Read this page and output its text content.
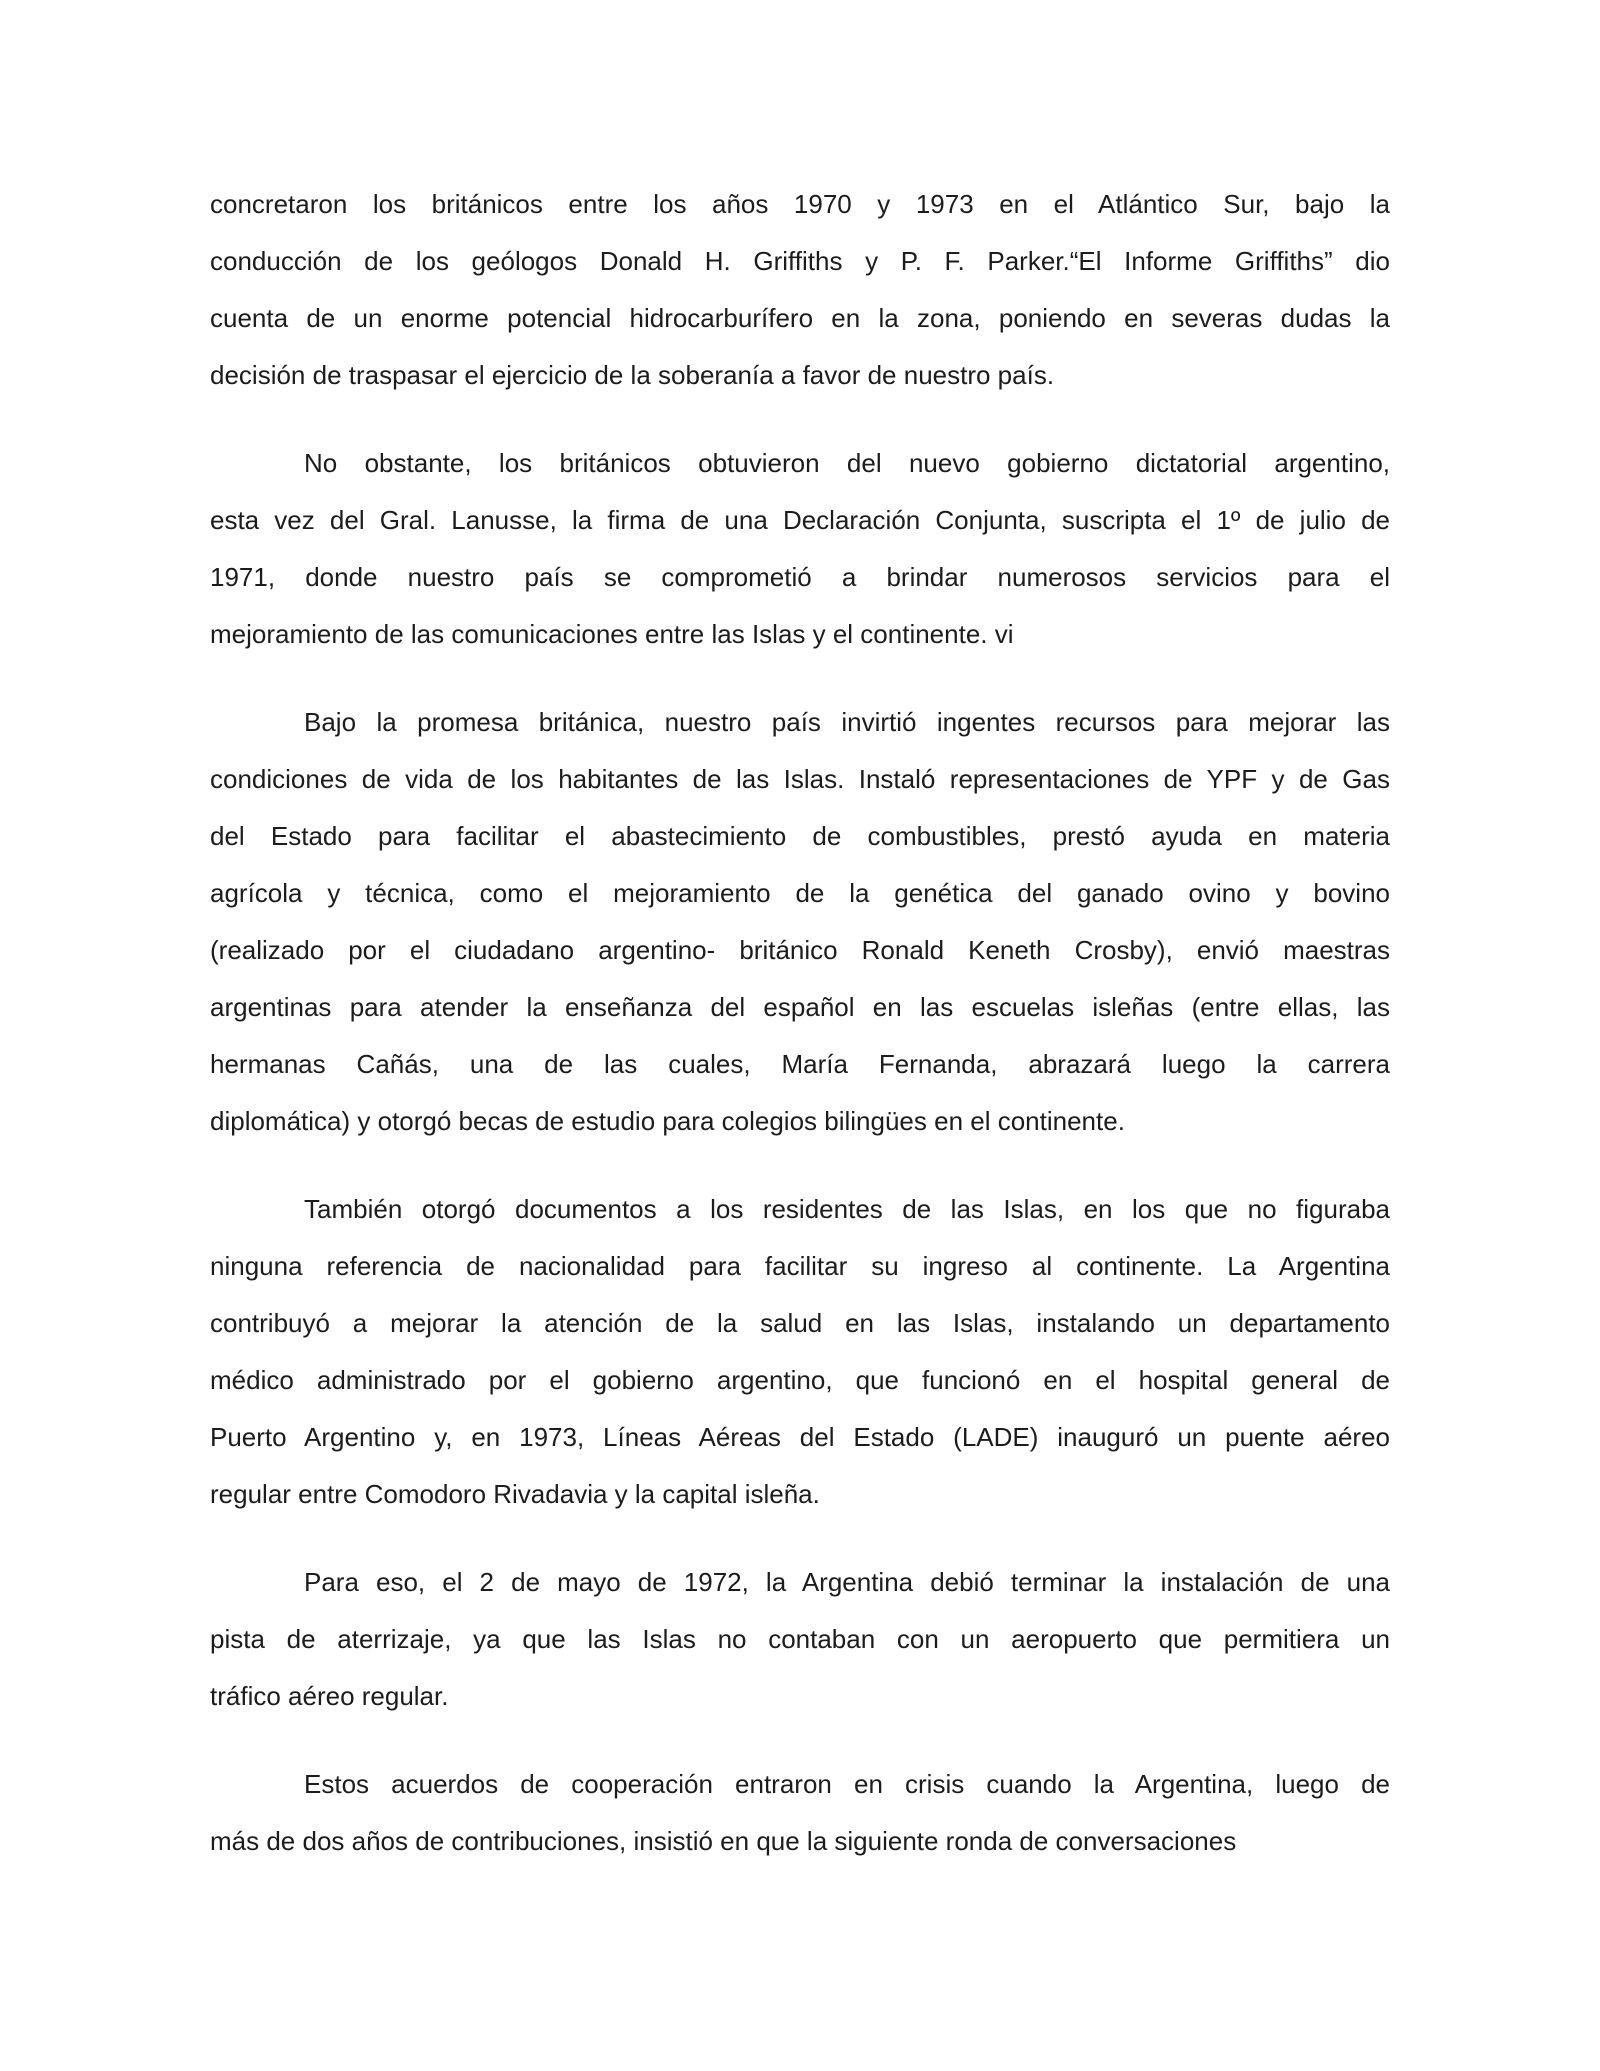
concretaron los británicos entre los años 1970 y 1973 en el Atlántico Sur, bajo la
conducción de los geólogos Donald H. Griffiths y P. F. Parker.“El Informe Griffiths” dio
cuenta de un enorme potencial hidrocarburífero en la zona, poniendo en severas dudas la
decisión de traspasar el ejercicio de la soberanía a favor de nuestro país.
No obstante, los británicos obtuvieron del nuevo gobierno dictatorial argentino,
esta vez del Gral. Lanusse, la firma de una Declaración Conjunta, suscripta el 1º de julio de
1971, donde nuestro país se comprometió a brindar numerosos servicios para el
mejoramiento de las comunicaciones entre las Islas y el continente. vi
Bajo la promesa británica, nuestro país invirtió ingentes recursos para mejorar las
condiciones de vida de los habitantes de las Islas. Instaló representaciones de YPF y de Gas
del Estado para facilitar el abastecimiento de combustibles, prestó ayuda en materia
agrícola y técnica, como el mejoramiento de la genética del ganado ovino y bovino
(realizado por el ciudadano argentino- británico Ronald Keneth Crosby), envió maestras
argentinas para atender la enseñanza del español en las escuelas isleñas (entre ellas, las
hermanas Cañás, una de las cuales, María Fernanda, abrazará luego la carrera
diplomática) y otorgó becas de estudio para colegios bilingües en el continente.
También otorgó documentos a los residentes de las Islas, en los que no figuraba
ninguna referencia de nacionalidad para facilitar su ingreso al continente. La Argentina
contribuyó a mejorar la atención de la salud en las Islas, instalando un departamento
médico administrado por el gobierno argentino, que funcionó en el hospital general de
Puerto Argentino y, en 1973, Líneas Aéreas del Estado (LADE) inauguró un puente aéreo
regular entre Comodoro Rivadavia y la capital isleña.
Para eso, el 2 de mayo de 1972, la Argentina debió terminar la instalación de una
pista de aterrizaje, ya que las Islas no contaban con un aeropuerto que permitiera un
tráfico aéreo regular.
Estos acuerdos de cooperación entraron en crisis cuando la Argentina, luego de
más de dos años de contribuciones, insistió en que la siguiente ronda de conversaciones
